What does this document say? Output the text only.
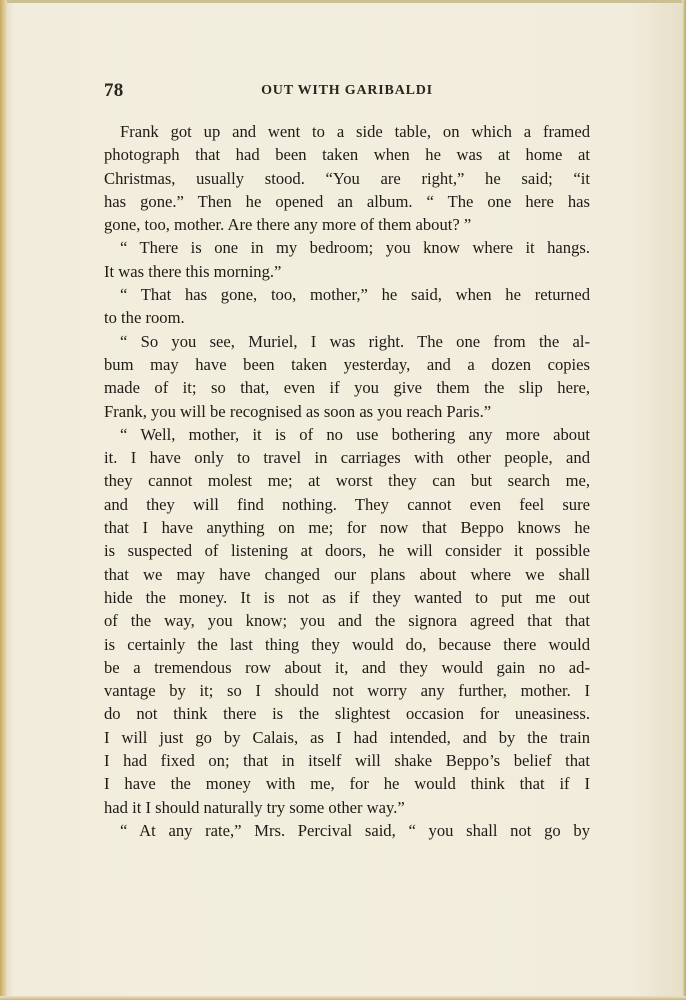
78	OUT WITH GARIBALDI
Frank got up and went to a side table, on which a framed
photograph that had been taken when he was at home at
Christmas, usually stood. “You are right,” he said; “it
has gone.” Then he opened an album. “ The one here has
gone, too, mother. Are there any more of them about? ”
“ There is one in my bedroom; you know where it hangs.
It was there this morning.”
“ That has gone, too, mother,” he said, when he returned
to the room.
“ So you see, Muriel, I was right. The one from the al-
bum may have been taken yesterday, and a dozen copies
made of it; so that, even if you give them the slip here,
Frank, you will be recognised as soon as you reach Paris.”
“ Well, mother, it is of no use bothering any more about
it. I have only to travel in carriages with other people, and
they cannot molest me; at worst they can but search me,
and they will find nothing. They cannot even feel sure
that I have anything on me; for now that Beppo knows he
is suspected of listening at doors, he will consider it possible
that we may have changed our plans about where we shall
hide the money. It is not as if they wanted to put me out
of the way, you know; you and the signora agreed that that
is certainly the last thing they would do, because there would
be a tremendous row about it, and they would gain no ad-
vantage by it; so I should not worry any further, mother. I
do not think there is the slightest occasion for uneasiness.
I will just go by Calais, as I had intended, and by the train
I had fixed on; that in itself will shake Beppo’s belief that
I have the money with me, for he would think that if I
had it I should naturally try some other way.”
“ At any rate,” Mrs. Percival said, “ you shall not go by
